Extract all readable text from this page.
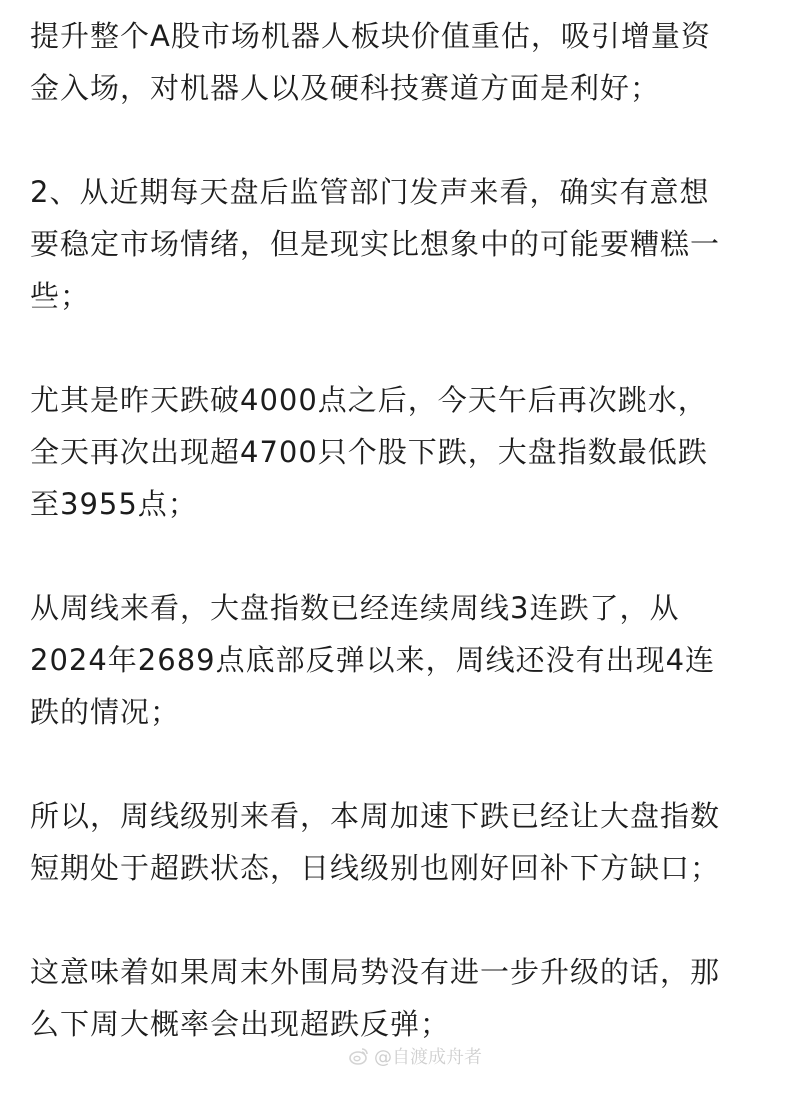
提升整个A股市场机器人板块价值重估，吸引增量资
金入场，对机器人以及硬科技赛道方面是利好；
2、从近期每天盘后监管部门发声来看，确实有意想
要稳定市场情绪，但是现实比想象中的可能要糟糕一
些；
尤其是昨天跌破4000点之后，今天午后再次跳水，
全天再次出现超4700只个股下跌，大盘指数最低跌
至3955点；
从周线来看，大盘指数已经连续周线3连跌了，从
2024年2689点底部反弹以来，周线还没有出现4连
跌的情况；
所以，周线级别来看，本周加速下跌已经让大盘指数
短期处于超跌状态，日线级别也刚好回补下方缺口；
这意味着如果周末外围局势没有进一步升级的话，那
么下周大概率会出现超跌反弹；
@自渡成舟者
